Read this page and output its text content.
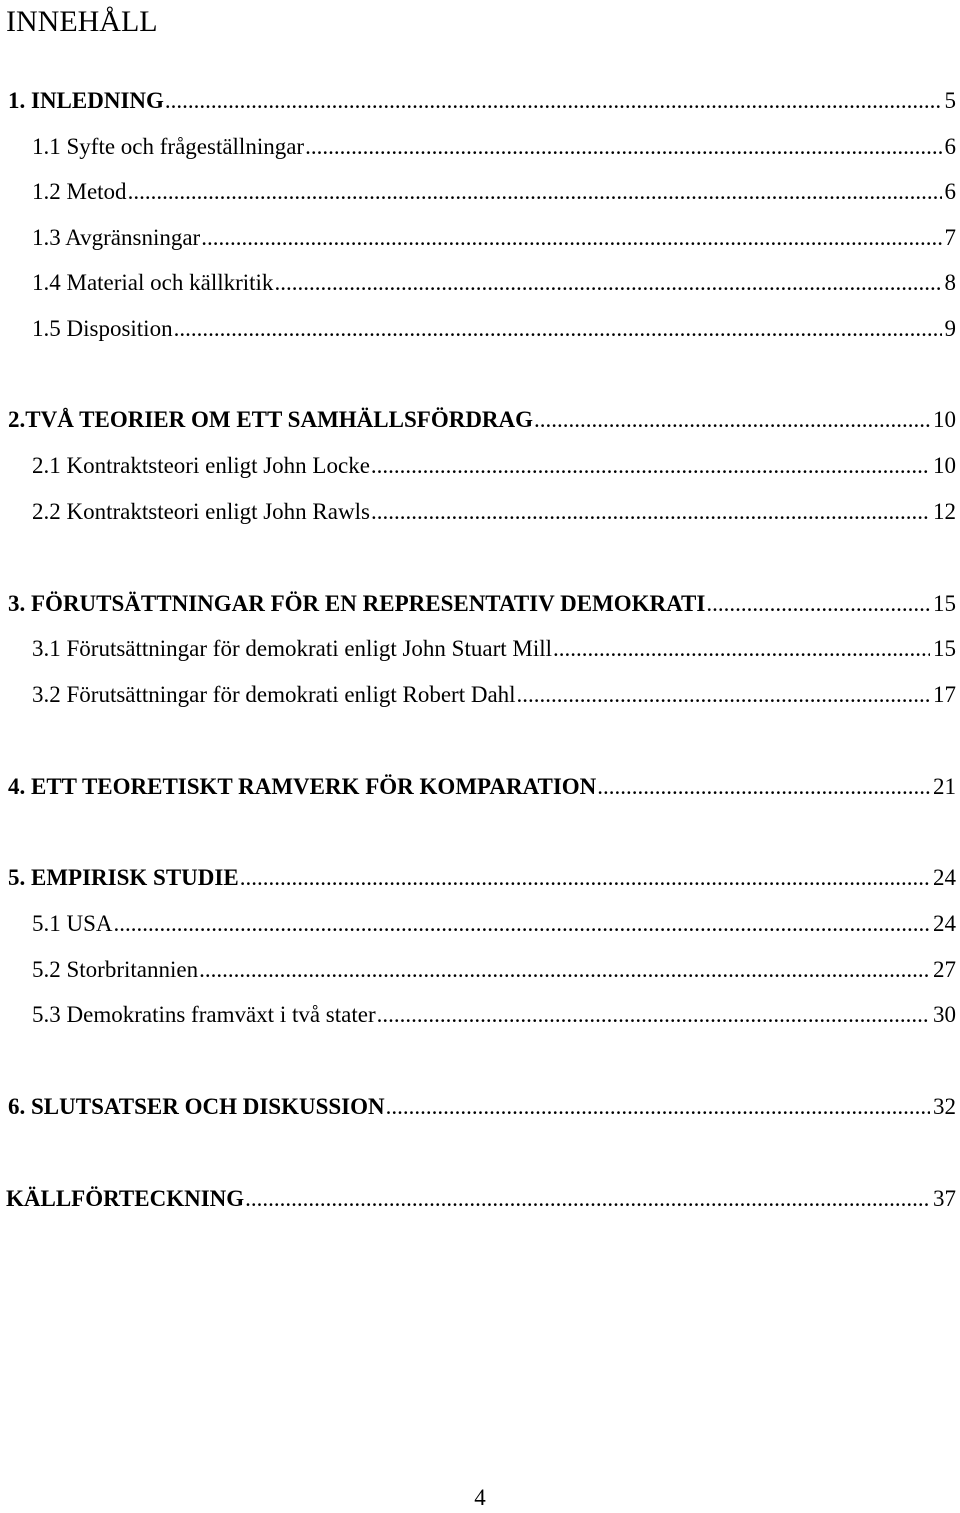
INNEHÅLL
1. INLEDNING .....	5
1.1 Syfte och frågeställningar .....	6
1.2 Metod .....	6
1.3 Avgränsningar .....	7
1.4 Material och källkritik .....	8
1.5 Disposition .....	9
2.TVÅ TEORIER OM ETT SAMHÄLLSFÖRDRAG .....	10
2.1 Kontraktsteori enligt John Locke .....	10
2.2 Kontraktsteori enligt John Rawls .....	12
3. FÖRUTSÄTTNINGAR FÖR EN REPRESENTATIV DEMOKRATI .....	15
3.1 Förutsättningar för demokrati enligt John Stuart Mill .....	15
3.2 Förutsättningar för demokrati enligt Robert Dahl .....	17
4. ETT TEORETISKT RAMVERK FÖR KOMPARATION .....	21
5. EMPIRISK STUDIE .....	24
5.1 USA .....	24
5.2 Storbritannien .....	27
5.3 Demokratins framväxt i två stater .....	30
6. SLUTSATSER OCH DISKUSSION .....	32
KÄLLFÖRTECKNING .....	37
4
